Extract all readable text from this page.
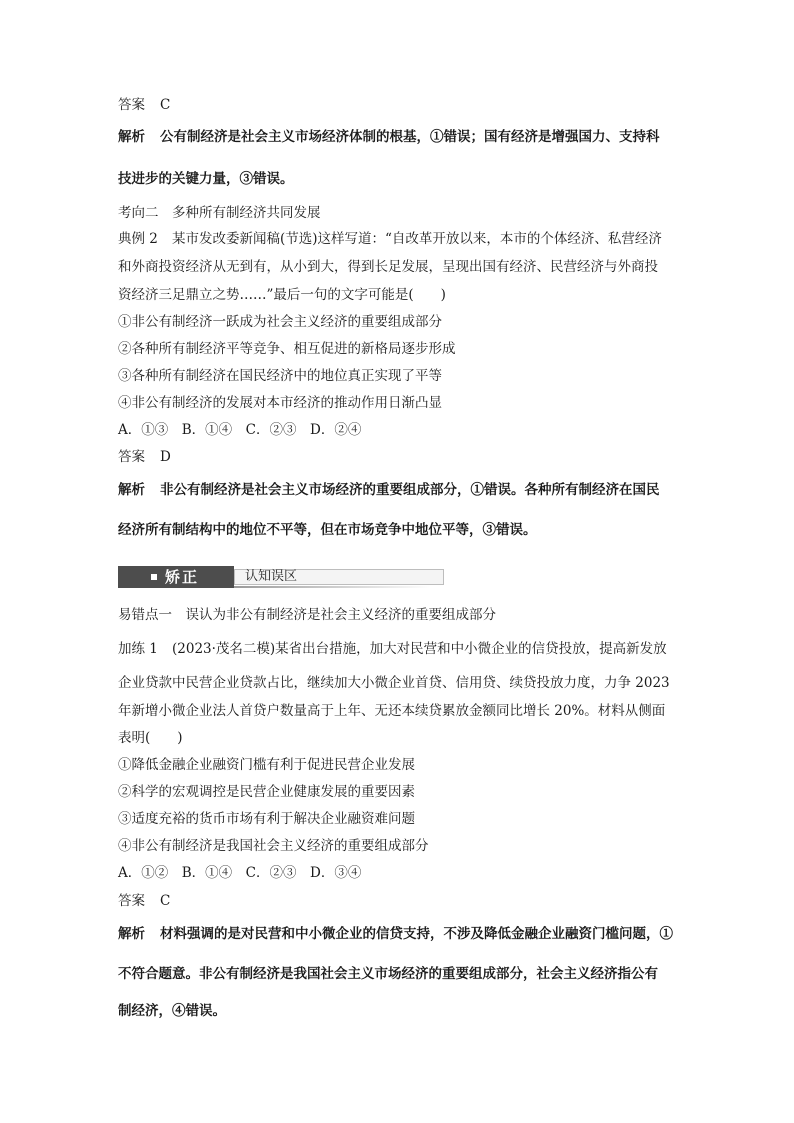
答案 C
解析 公有制经济是社会主义市场经济体制的根基，①错误；国有经济是增强国力、支持科
技进步的关键力量，③错误。
考向二　多种所有制经济共同发展
典例 2 某市发改委新闻稿(节选)这样写道：“自改革开放以来，本市的个体经济、私营经济
和外商投资经济从无到有，从小到大，得到长足发展，呈现出国有经济、民营经济与外商投
资经济三足鼎立之势……”最后一句的文字可能是(　　)
①非公有制经济一跃成为社会主义经济的重要组成部分
②各种所有制经济平等竞争、相互促进的新格局逐步形成
③各种所有制经济在国民经济中的地位真正实现了平等
④非公有制经济的发展对本市经济的推动作用日渐凸显
A．①③　B．①④　C．②③　D．②④
答案 D
解析 非公有制经济是社会主义市场经济的重要组成部分，①错误。各种所有制经济在国民
经济所有制结构中的地位不平等，但在市场竞争中地位平等，③错误。
矫正	认知误区
易错点一　误认为非公有制经济是社会主义经济的重要组成部分
加练 1 (2023·茂名二模)某省出台措施，加大对民营和中小微企业的信贷投放，提高新发放
企业贷款中民营企业贷款占比，继续加大小微企业首贷、信用贷、续贷投放力度，力争 2023
年新增小微企业法人首贷户数量高于上年、无还本续贷累放金额同比增长 20%。材料从侧面
表明(　　)
①降低金融企业融资门槛有利于促进民营企业发展
②科学的宏观调控是民营企业健康发展的重要因素
③适度充裕的货币市场有利于解决企业融资难问题
④非公有制经济是我国社会主义经济的重要组成部分
A．①②　B．①④　C．②③　D．③④
答案 C
解析 材料强调的是对民营和中小微企业的信贷支持，不涉及降低金融企业融资门槛问题，①
不符合题意。非公有制经济是我国社会主义市场经济的重要组成部分，社会主义经济指公有
制经济，④错误。
